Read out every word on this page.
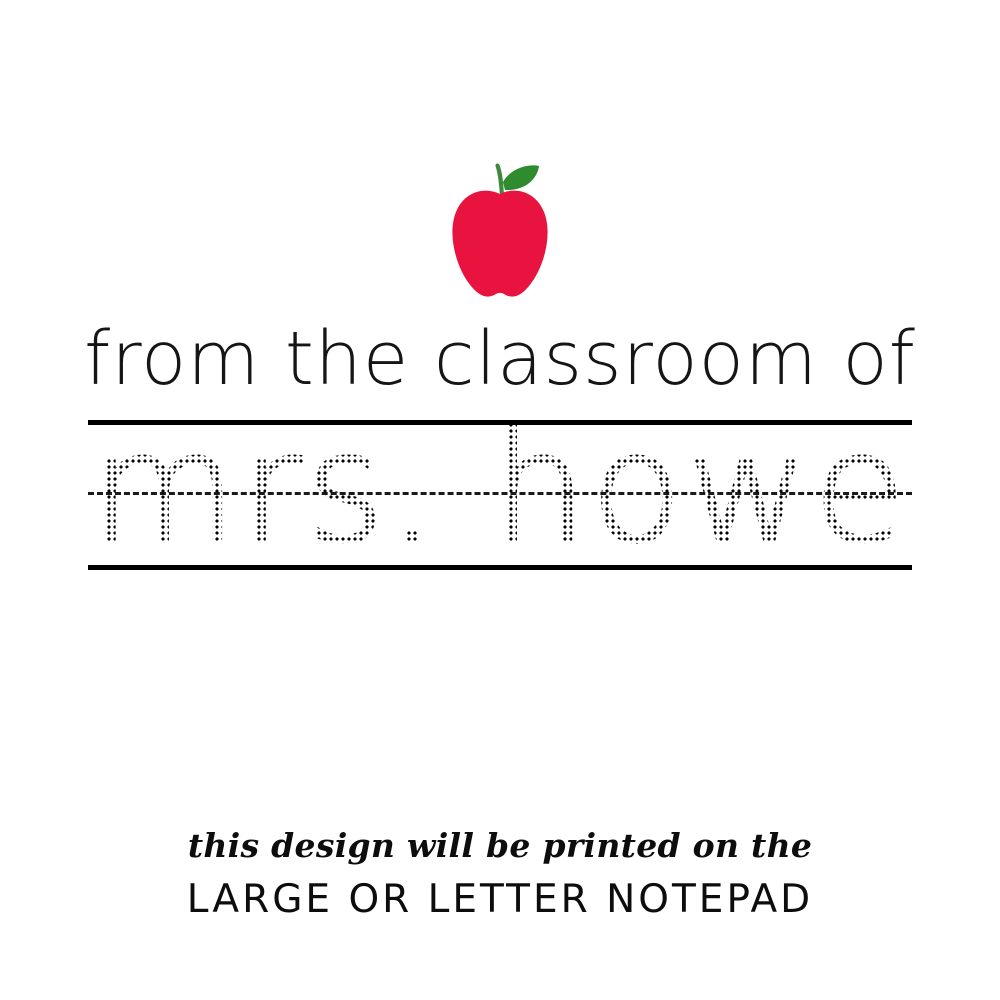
from the classroom of
mrs. howe
this design will be printed on the
LARGE OR LETTER NOTEPAD
